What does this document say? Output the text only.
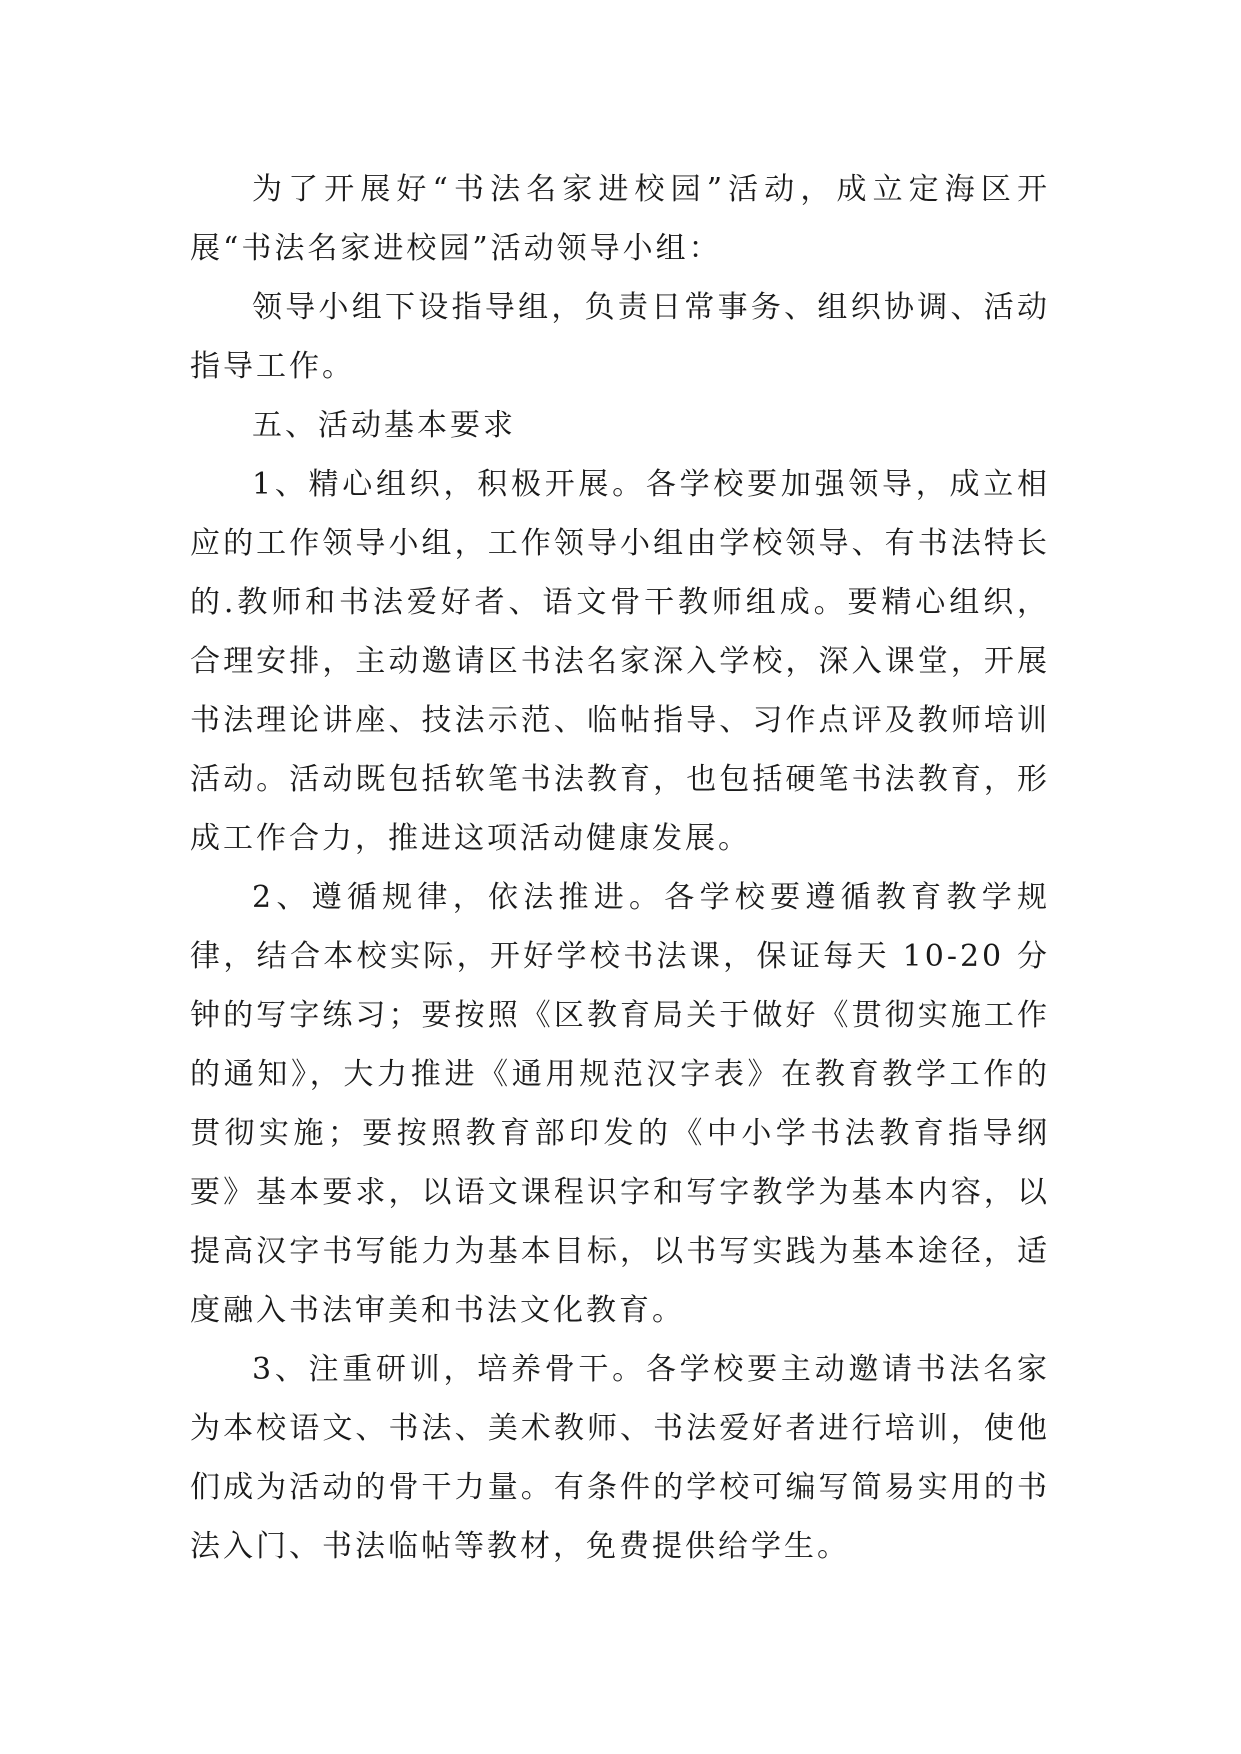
为了开展好“书法名家进校园”活动，成立定海区开展“书法名家进校园”活动领导小组：

领导小组下设指导组，负责日常事务、组织协调、活动指导工作。

五、活动基本要求

1、精心组织，积极开展。各学校要加强领导，成立相应的工作领导小组，工作领导小组由学校领导、有书法特长的.教师和书法爱好者、语文骨干教师组成。要精心组织，合理安排，主动邀请区书法名家深入学校，深入课堂，开展书法理论讲座、技法示范、临帖指导、习作点评及教师培训活动。活动既包括软笔书法教育，也包括硬笔书法教育，形成工作合力，推进这项活动健康发展。

2、遵循规律，依法推进。各学校要遵循教育教学规律，结合本校实际，开好学校书法课，保证每天 10-20 分钟的写字练习；要按照《区教育局关于做好《贯彻实施工作的通知》，大力推进《通用规范汉字表》在教育教学工作的贯彻实施；要按照教育部印发的《中小学书法教育指导纲要》基本要求，以语文课程识字和写字教学为基本内容，以提高汉字书写能力为基本目标，以书写实践为基本途径，适度融入书法审美和书法文化教育。

3、注重研训，培养骨干。各学校要主动邀请书法名家为本校语文、书法、美术教师、书法爱好者进行培训，使他们成为活动的骨干力量。有条件的学校可编写简易实用的书法入门、书法临帖等教材，免费提供给学生。
